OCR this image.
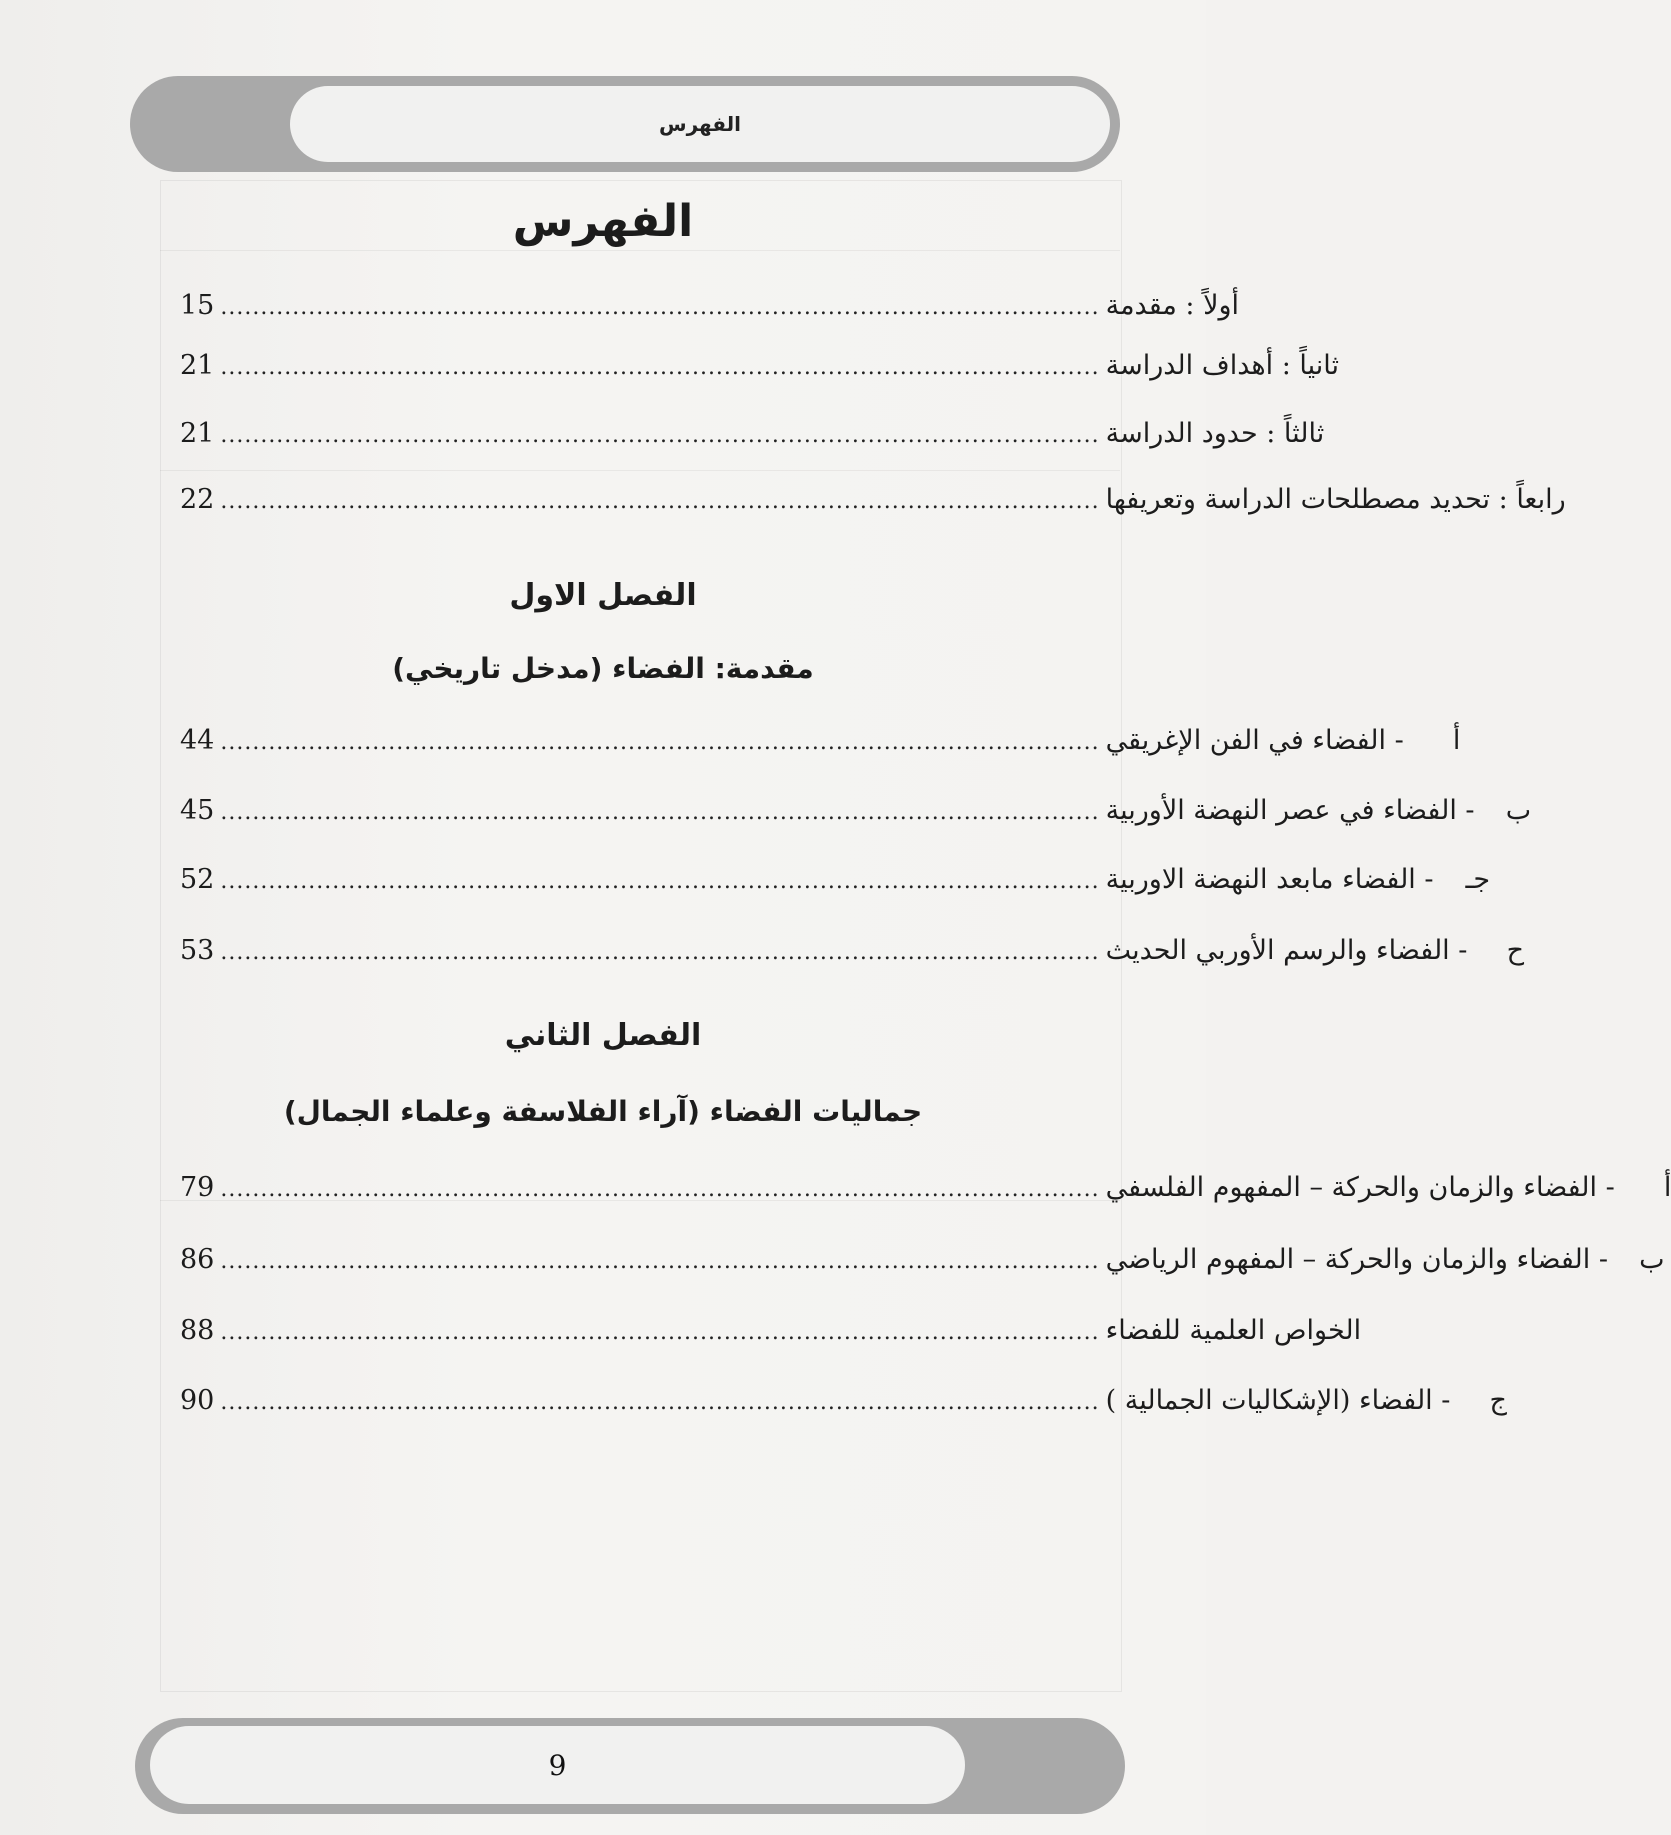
الفهرس
الفهرس
15 .............................................................................................................. أولاً : مقدمة
21 .............................................................................................................. ثانياً : أهداف الدراسة
21 .............................................................................................................. ثالثاً : حدود الدراسة
22 .............................................................................................................. رابعاً : تحديد مصطلحات الدراسة وتعريفها
الفصل الاول
مقدمة: الفضاء (مدخل تاريخي)
44 ..............................................................................................................	أ - الفضاء في الفن الإغريقي
45 ..............................................................................................................	ب - الفضاء في عصر النهضة الأوربية
52 ..............................................................................................................	جـ - الفضاء مابعد النهضة الاوربية
53 ..............................................................................................................	ح - الفضاء والرسم الأوربي الحديث
الفصل الثاني
جماليات الفضاء (آراء الفلاسفة وعلماء الجمال)
79 ..............................................................................................................	أ - الفضاء والزمان والحركة – المفهوم الفلسفي
86 ..............................................................................................................	ب - الفضاء والزمان والحركة – المفهوم الرياضي
88 .............................................................................................................. الخواص العلمية للفضاء
90 ..............................................................................................................	ج - الفضاء (الإشكاليات الجمالية )
9
